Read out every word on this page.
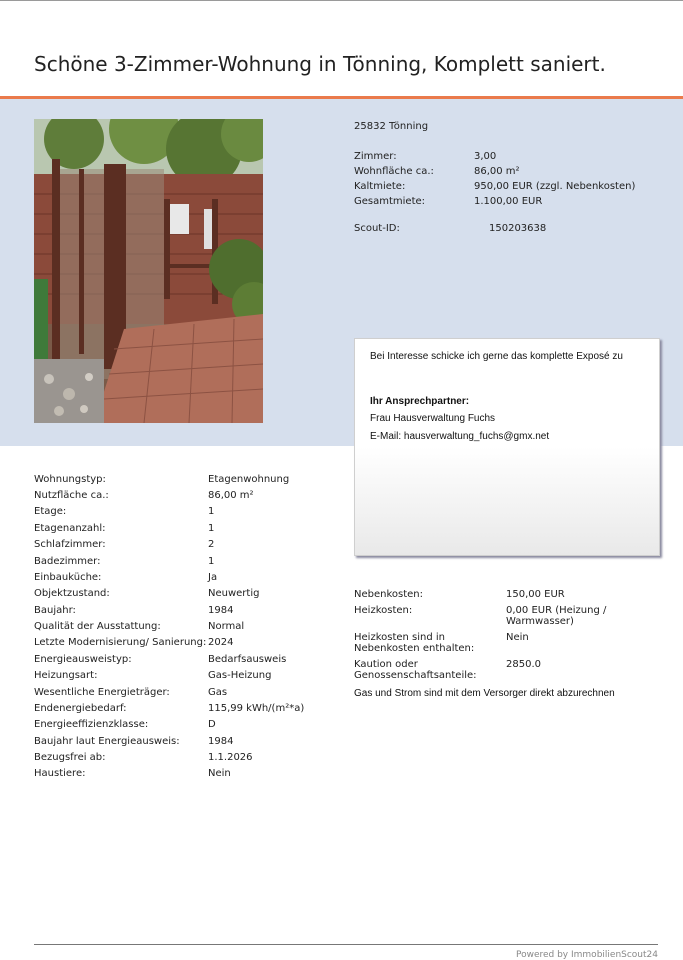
Schöne 3-Zimmer-Wohnung in Tönning, Komplett saniert.
25832 Tönning
Zimmer:	3,00
Wohnfläche ca.:	86,00 m²
Kaltmiete:	950,00 EUR (zzgl. Nebenkosten)
Gesamtmiete:	1.100,00 EUR
Scout-ID:	150203638
Bei Interesse schicke ich gerne das komplette Exposé zu
Ihr Ansprechpartner:
Frau Hausverwaltung Fuchs
E-Mail: hausverwaltung_fuchs@gmx.net
Wohnungstyp:	Etagenwohnung
Nutzfläche ca.:	86,00 m²
Etage:	1
Etagenanzahl:	1
Schlafzimmer:	2
Badezimmer:	1
Einbauküche:	Ja
Objektzustand:	Neuwertig
Baujahr:	1984
Qualität der Ausstattung:	Normal
Letzte Modernisierung/ Sanierung: 2024
Energieausweistyp:	Bedarfsausweis
Heizungsart:	Gas-Heizung
Wesentliche Energieträger:	Gas
Endenergiebedarf:	115,99 kWh/(m²*a)
Energieeffizienzklasse:	D
Baujahr laut Energieausweis:	1984
Bezugsfrei ab:	1.1.2026
Haustiere:	Nein
Nebenkosten:	150,00 EUR
Heizkosten:	0,00 EUR (Heizung / Warmwasser)
Heizkosten sind in Nebenkosten enthalten:
Nein
Kaution oder Genossenschaftsanteile:
2850.0
Gas und Strom sind mit dem Versorger direkt abzurechnen
Powered by ImmobilienScout24
